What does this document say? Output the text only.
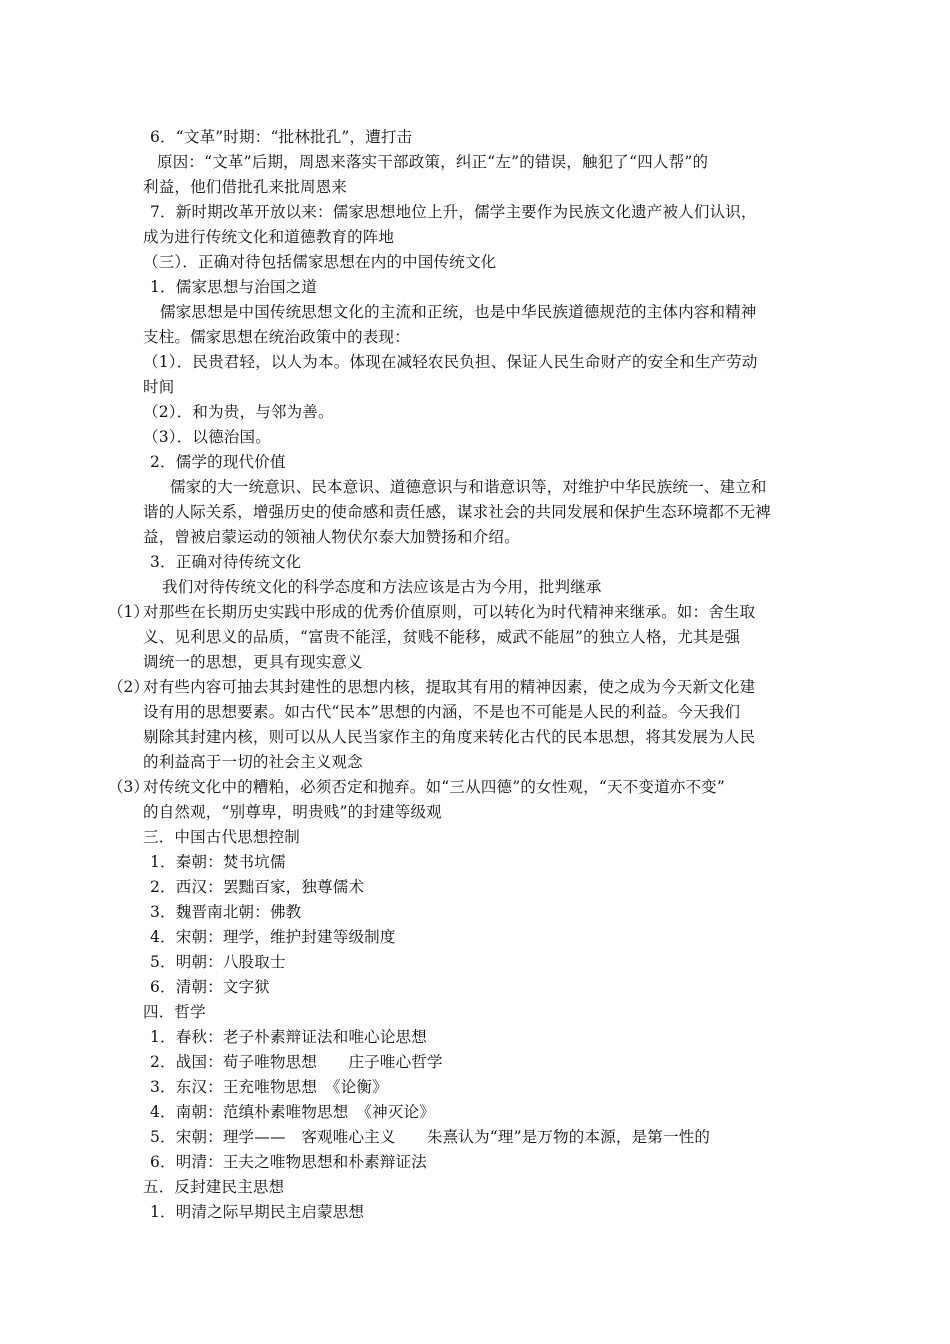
6．“文革”时期：“批林批孔”，遭打击
原因：“文革”后期，周恩来落实干部政策，纠正“左”的错误，触犯了“四人帮”的
利益，他们借批孔来批周恩来
7．新时期改革开放以来：儒家思想地位上升，儒学主要作为民族文化遗产被人们认识，
成为进行传统文化和道德教育的阵地
（三）．正确对待包括儒家思想在内的中国传统文化
1．儒家思想与治国之道
儒家思想是中国传统思想文化的主流和正统，也是中华民族道德规范的主体内容和精神
支柱。儒家思想在统治政策中的表现：
（1）．民贵君轻，以人为本。体现在减轻农民负担、保证人民生命财产的安全和生产劳动
时间
（2）．和为贵，与邻为善。
（3）．以德治国。
2．儒学的现代价值
儒家的大一统意识、民本意识、道德意识与和谐意识等，对维护中华民族统一、建立和
谐的人际关系，增强历史的使命感和责任感，谋求社会的共同发展和保护生态环境都不无裨
益，曾被启蒙运动的领袖人物伏尔泰大加赞扬和介绍。
3．正确对待传统文化
我们对待传统文化的科学态度和方法应该是古为今用，批判继承
（1）
对那些在长期历史实践中形成的优秀价值原则，可以转化为时代精神来继承。如：舍生取
义、见利思义的品质，“富贵不能淫，贫贱不能移，威武不能屈”的独立人格，尤其是强
调统一的思想，更具有现实意义
（2）
对有些内容可抽去其封建性的思想内核，提取其有用的精神因素，使之成为今天新文化建
设有用的思想要素。如古代“民本”思想的内涵，不是也不可能是人民的利益。今天我们
剔除其封建内核，则可以从人民当家作主的角度来转化古代的民本思想，将其发展为人民
的利益高于一切的社会主义观念
（3）
对传统文化中的糟粕，必须否定和抛弃。如“三从四德”的女性观，“天不变道亦不变”
的自然观，“别尊卑，明贵贱”的封建等级观
三．中国古代思想控制
1．秦朝：焚书坑儒
2．西汉：罢黜百家，独尊儒术
3．魏晋南北朝：佛教
4．宋朝：理学，维护封建等级制度
5．明朝：八股取士
6．清朝：文字狱
四．哲学
1．春秋：老子朴素辩证法和唯心论思想
2．战国：荀子唯物思想　　庄子唯心哲学
3．东汉：王充唯物思想　《论衡》
4．南朝：范缜朴素唯物思想　《神灭论》
5．宋朝：理学——　客观唯心主义　　朱熹认为“理”是万物的本源，是第一性的
6．明清：王夫之唯物思想和朴素辩证法
五．反封建民主思想
1．明清之际早期民主启蒙思想
